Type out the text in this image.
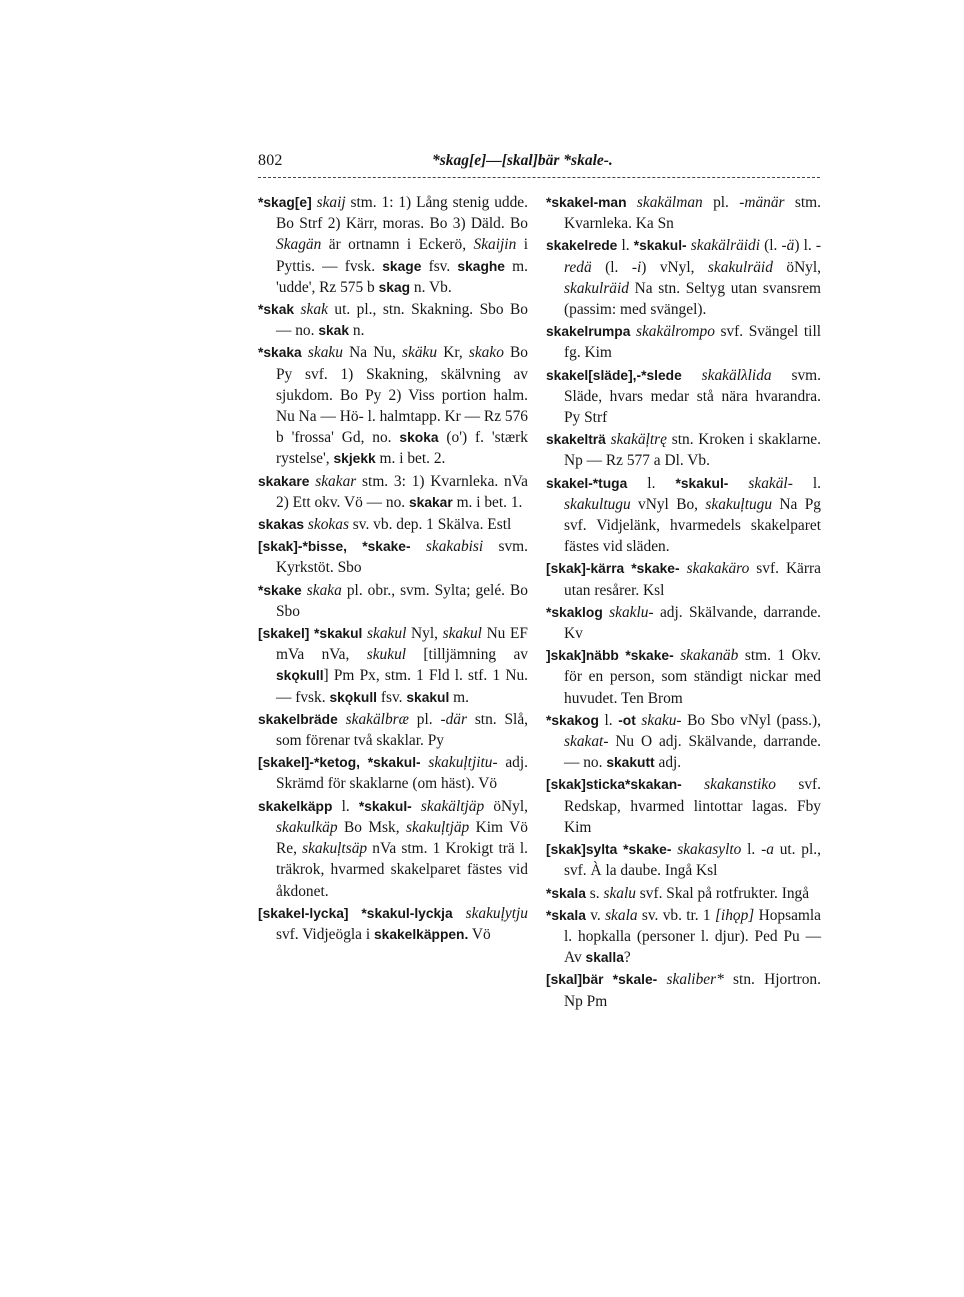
802	*skag[e]—[skal]bär *skale-.

*skag[e] skaij stm. 1: 1) Lång stenig udde. Bo Strf 2) Kärr, moras. Bo 3) Däld. Bo Skagän är ortnamn i Eckerö, Skaijin i Pyttis. — fvsk. skage fsv. skaghe m. 'udde', Rz 575 b skag n. Vb.

*skak skak ut. pl., stn. Skakning. Sbo Bo — no. skak n.

*skaka skaku Na Nu, skäku Kr, skako Bo Py svf. 1) Skakning, skälvning av sjukdom. Bo Py 2) Viss portion halm. Nu Na — Hö- l. halmtapp. Kr — Rz 576 b 'frossa' Gd, no. skoka (o') f. 'stærk rystelse', skjekk m. i bet. 2.

skakare skakar stm. 3: 1) Kvarnleka. nVa 2) Ett okv. Vö — no. skakar m. i bet. 1.

skakas skokas sv. vb. dep. 1 Skälva. Estl

[skak]-*bisse, *skake- skakabisi svm. Kyrkstöt. Sbo

*skake skaka pl. obr., svm. Sylta; gelé. Bo Sbo

[skakel] *skakul skakul Nyl, skakul Nu EF mVa nVa, skukul [tilljämning av skǫkull] Pm Px, stm. 1 Fld l. stf. 1 Nu. — fvsk. skǫkull fsv. skakul m.

skakelbräde skakälbræ pl. -där stn. Slå, som förenar två skaklar. Py

[skakel]-*ketog, *skakul- skakuļtjitu- adj. Skrämd för skaklarne (om häst). Vö

skakelkäpp l. *skakul- skakältjäp öNyl, skakulkäp Bo Msk, skakuļtjäp Kim Vö Re, skakuļtsäp nVa stm. 1 Krokigt trä l. träkrok, hvarmed skakelparet fästes vid åkdonet.

[skakel-lycka] *skakul-lyckja skakuļytju svf. Vidjeögla i skakelkäppen. Vö

*skakel-man skakälman pl. -mänär stm. Kvarnleka. Ka Sn

skakelrede l. *skakul- skakälräidi (l. -ä) l. -redä (l. -i) vNyl, skakulräid öNyl, skakulräid Na stn. Seltyg utan svansrem (passim: med svängel).

skakelrumpa skakälrompo svf. Svängel till fg. Kim

skakel[släde],-*slede skakälλlida svm. Släde, hvars medar stå nära hvarandra. Py Strf

skakelträ skakäļtrę stn. Kroken i skaklarne. Np — Rz 577 a Dl. Vb.

skakel-*tuga l. *skakul- skakäl- l. skakultugu vNyl Bo, skakuļtugu Na Pg svf. Vidjelänk, hvarmedels skakelparet fästes vid släden.

[skak]-kärra *skake- skakakäro svf. Kärra utan resårer. Ksl

*skaklog skaklu- adj. Skälvande, darrande. Kv

]skak]näbb *skake- skakanäb stm. 1 Okv. för en person, som ständigt nickar med huvudet. Ten Brom

*skakog l. -ot skaku- Bo Sbo vNyl (pass.), skakat- Nu O adj. Skälvande, darrande. — no. skakutt adj.

[skak]sticka*skakan- skakanstiko svf. Redskap, hvarmed lintottar lagas. Fby Kim

[skak]sylta *skake- skakasylto l. -a ut. pl., svf. À la daube. Ingå Ksl

*skala s. skalu svf. Skal på rotfrukter. Ingå

*skala v. skala sv. vb. tr. 1 [ihǫp] Hopsamla l. hopkalla (personer l. djur). Ped Pu — Av skalla?

[skal]bär *skale- skaliber* stn. Hjortron. Np Pm
